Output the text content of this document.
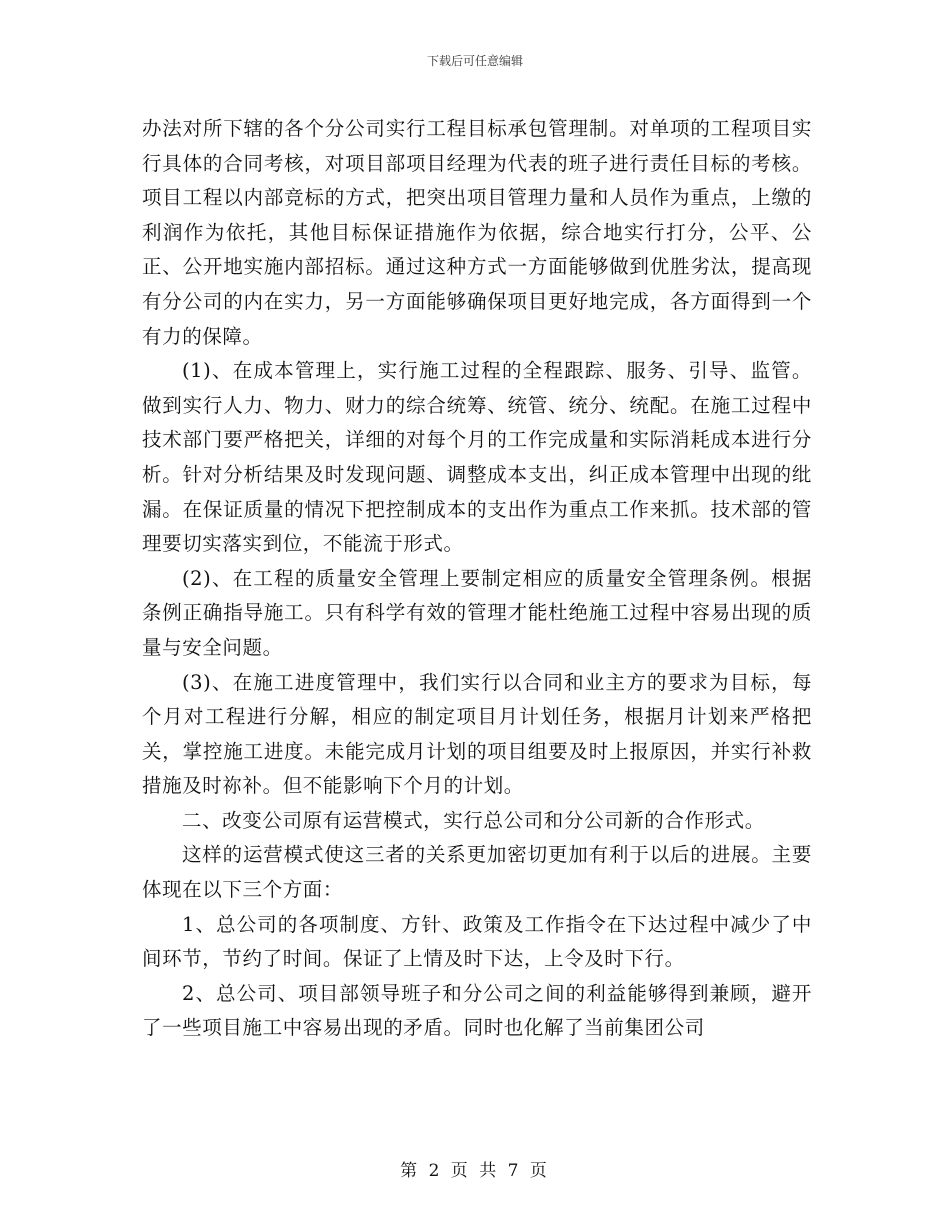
下载后可任意编辑

办法对所下辖的各个分公司实行工程目标承包管理制。对单项的工程项目实行具体的合同考核，对项目部项目经理为代表的班子进行责任目标的考核。项目工程以内部竞标的方式，把突出项目管理力量和人员作为重点，上缴的利润作为依托，其他目标保证措施作为依据，综合地实行打分，公平、公正、公开地实施内部招标。通过这种方式一方面能够做到优胜劣汰，提高现有分公司的内在实力，另一方面能够确保项目更好地完成，各方面得到一个有力的保障。

(1)、在成本管理上，实行施工过程的全程跟踪、服务、引导、监管。做到实行人力、物力、财力的综合统筹、统管、统分、统配。在施工过程中技术部门要严格把关，详细的对每个月的工作完成量和实际消耗成本进行分析。针对分析结果及时发现问题、调整成本支出，纠正成本管理中出现的纰漏。在保证质量的情况下把控制成本的支出作为重点工作来抓。技术部的管理要切实落实到位，不能流于形式。

(2)、在工程的质量安全管理上要制定相应的质量安全管理条例。根据条例正确指导施工。只有科学有效的管理才能杜绝施工过程中容易出现的质量与安全问题。

(3)、在施工进度管理中，我们实行以合同和业主方的要求为目标，每个月对工程进行分解，相应的制定项目月计划任务，根据月计划来严格把关，掌控施工进度。未能完成月计划的项目组要及时上报原因，并实行补救措施及时祢补。但不能影响下个月的计划。

二、改变公司原有运营模式，实行总公司和分公司新的合作形式。

这样的运营模式使这三者的关系更加密切更加有利于以后的进展。主要体现在以下三个方面：

1、总公司的各项制度、方针、政策及工作指令在下达过程中减少了中间环节，节约了时间。保证了上情及时下达，上令及时下行。

2、总公司、项目部领导班子和分公司之间的利益能够得到兼顾，避开了一些项目施工中容易出现的矛盾。同时也化解了当前集团公司

第 2 页 共 7 页
